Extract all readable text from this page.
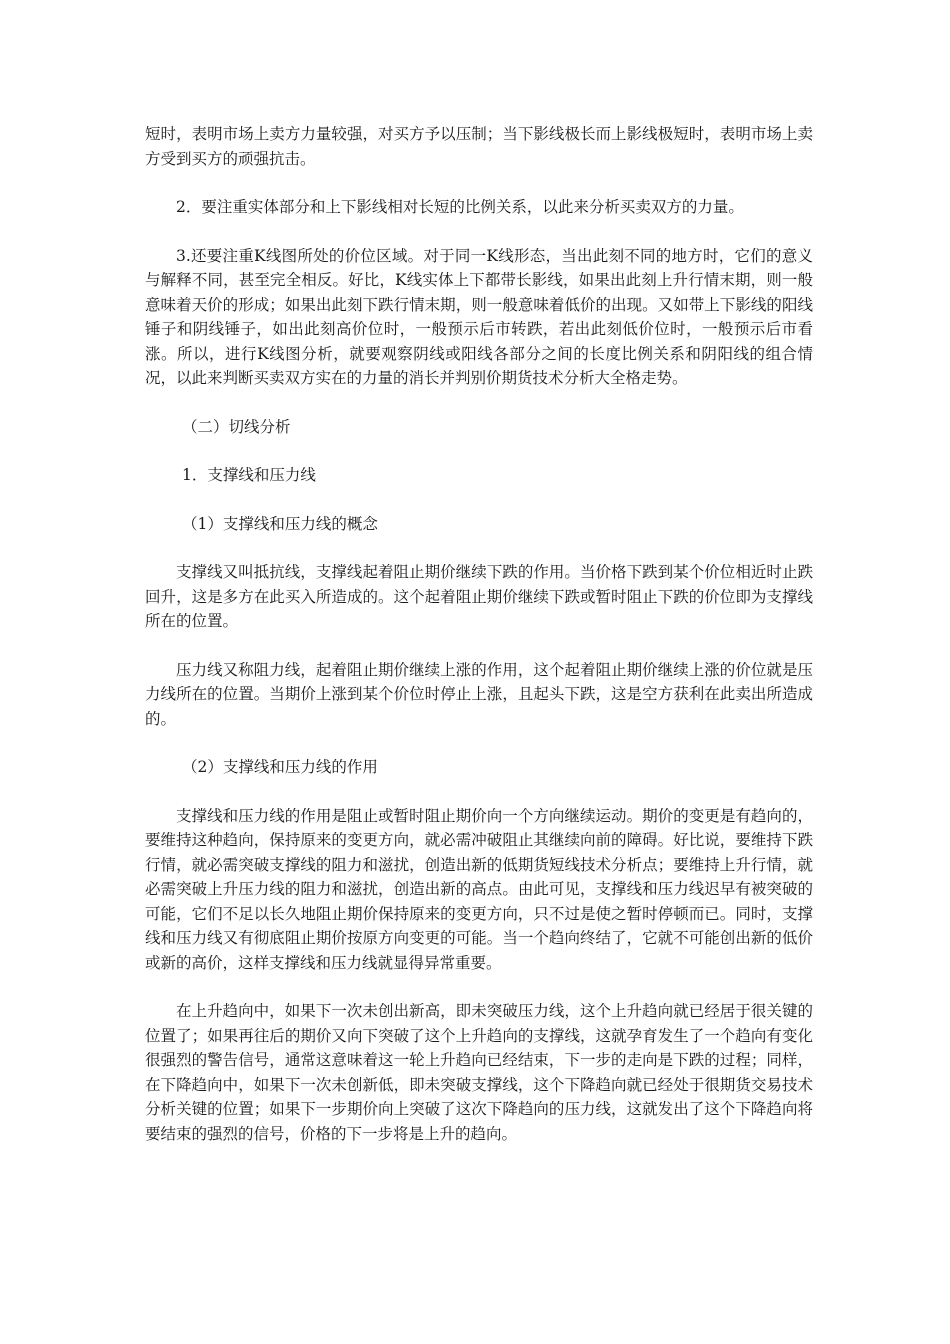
短时，表明市场上卖方力量较强，对买方予以压制；当下影线极长而上影线极短时，表明市场上卖方受到买方的顽强抗击。

2．要注重实体部分和上下影线相对长短的比例关系，以此来分析买卖双方的力量。

3.还要注重K线图所处的价位区域。对于同一K线形态，当出此刻不同的地方时，它们的意义与解释不同，甚至完全相反。好比，K线实体上下都带长影线，如果出此刻上升行情末期，则一般意味着天价的形成；如果出此刻下跌行情末期，则一般意味着低价的出现。又如带上下影线的阳线锤子和阴线锤子，如出此刻高价位时，一般预示后市转跌，若出此刻低价位时，一般预示后市看涨。所以，进行K线图分析，就要观察阴线或阳线各部分之间的长度比例关系和阴阳线的组合情况，以此来判断买卖双方实在的力量的消长并判别价期货技术分析大全格走势。

（二）切线分析

1．支撑线和压力线

（1）支撑线和压力线的概念

支撑线又叫抵抗线，支撑线起着阻止期价继续下跌的作用。当价格下跌到某个价位相近时止跌回升，这是多方在此买入所造成的。这个起着阻止期价继续下跌或暂时阻止下跌的价位即为支撑线所在的位置。

压力线又称阻力线，起着阻止期价继续上涨的作用，这个起着阻止期价继续上涨的价位就是压力线所在的位置。当期价上涨到某个价位时停止上涨，且起头下跌，这是空方获利在此卖出所造成的。

（2）支撑线和压力线的作用

支撑线和压力线的作用是阻止或暂时阻止期价向一个方向继续运动。期价的变更是有趋向的，要维持这种趋向，保持原来的变更方向，就必需冲破阻止其继续向前的障碍。好比说，要维持下跌行情，就必需突破支撑线的阻力和滋扰，创造出新的低期货短线技术分析点；要维持上升行情，就必需突破上升压力线的阻力和滋扰，创造出新的高点。由此可见，支撑线和压力线迟早有被突破的可能，它们不足以长久地阻止期价保持原来的变更方向，只不过是使之暂时停顿而已。同时，支撑线和压力线又有彻底阻止期价按原方向变更的可能。当一个趋向终结了，它就不可能创出新的低价或新的高价，这样支撑线和压力线就显得异常重要。

在上升趋向中，如果下一次未创出新高，即未突破压力线，这个上升趋向就已经居于很关键的位置了；如果再往后的期价又向下突破了这个上升趋向的支撑线，这就孕育发生了一个趋向有变化很强烈的警告信号，通常这意味着这一轮上升趋向已经结束，下一步的走向是下跌的过程；同样，在下降趋向中，如果下一次未创新低，即未突破支撑线，这个下降趋向就已经处于很期货交易技术分析关键的位置；如果下一步期价向上突破了这次下降趋向的压力线，这就发出了这个下降趋向将要结束的强烈的信号，价格的下一步将是上升的趋向。
